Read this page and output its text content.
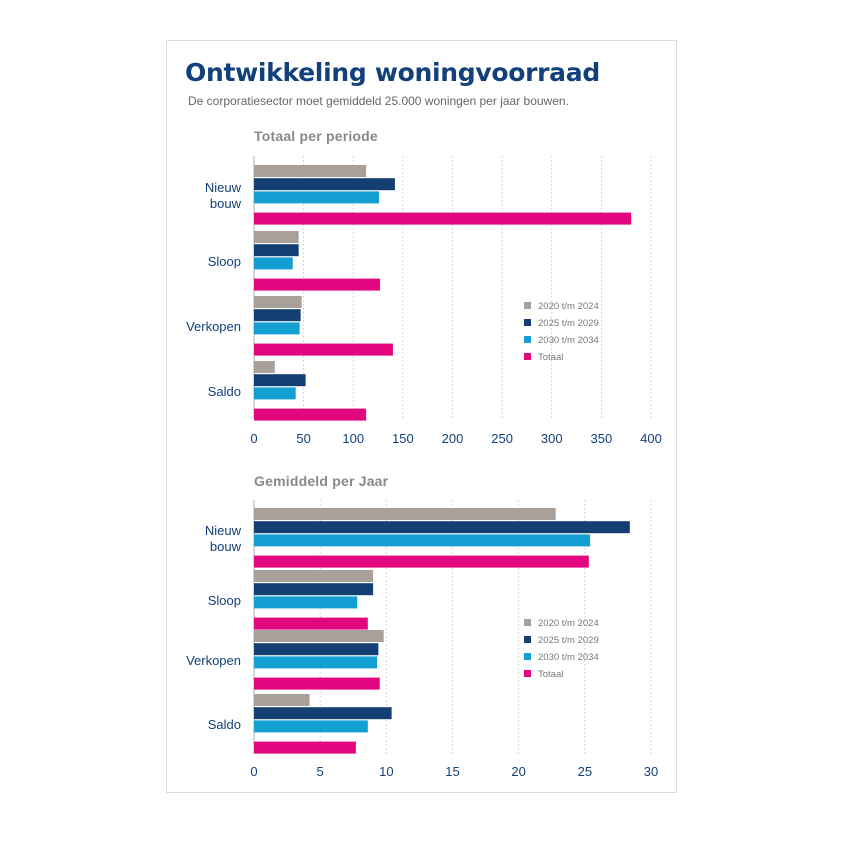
Ontwikkeling woningvoorraad
De corporatiesector moet gemiddeld 25.000 woningen per jaar bouwen.
Totaal per periode
Gemiddeld per Jaar
0	50 100 150 200 250 300 350 400
Nieuw
bouw
Sloop
Verkopen
Saldo
2020 t/m 2024
2025 t/m 2029
2030 t/m 2034
Totaal
0	5	10	15	20	25	30
Nieuw
bouw
Sloop
Verkopen
Saldo
2020 t/m 2024
2025 t/m 2029
2030 t/m 2034
Totaal
